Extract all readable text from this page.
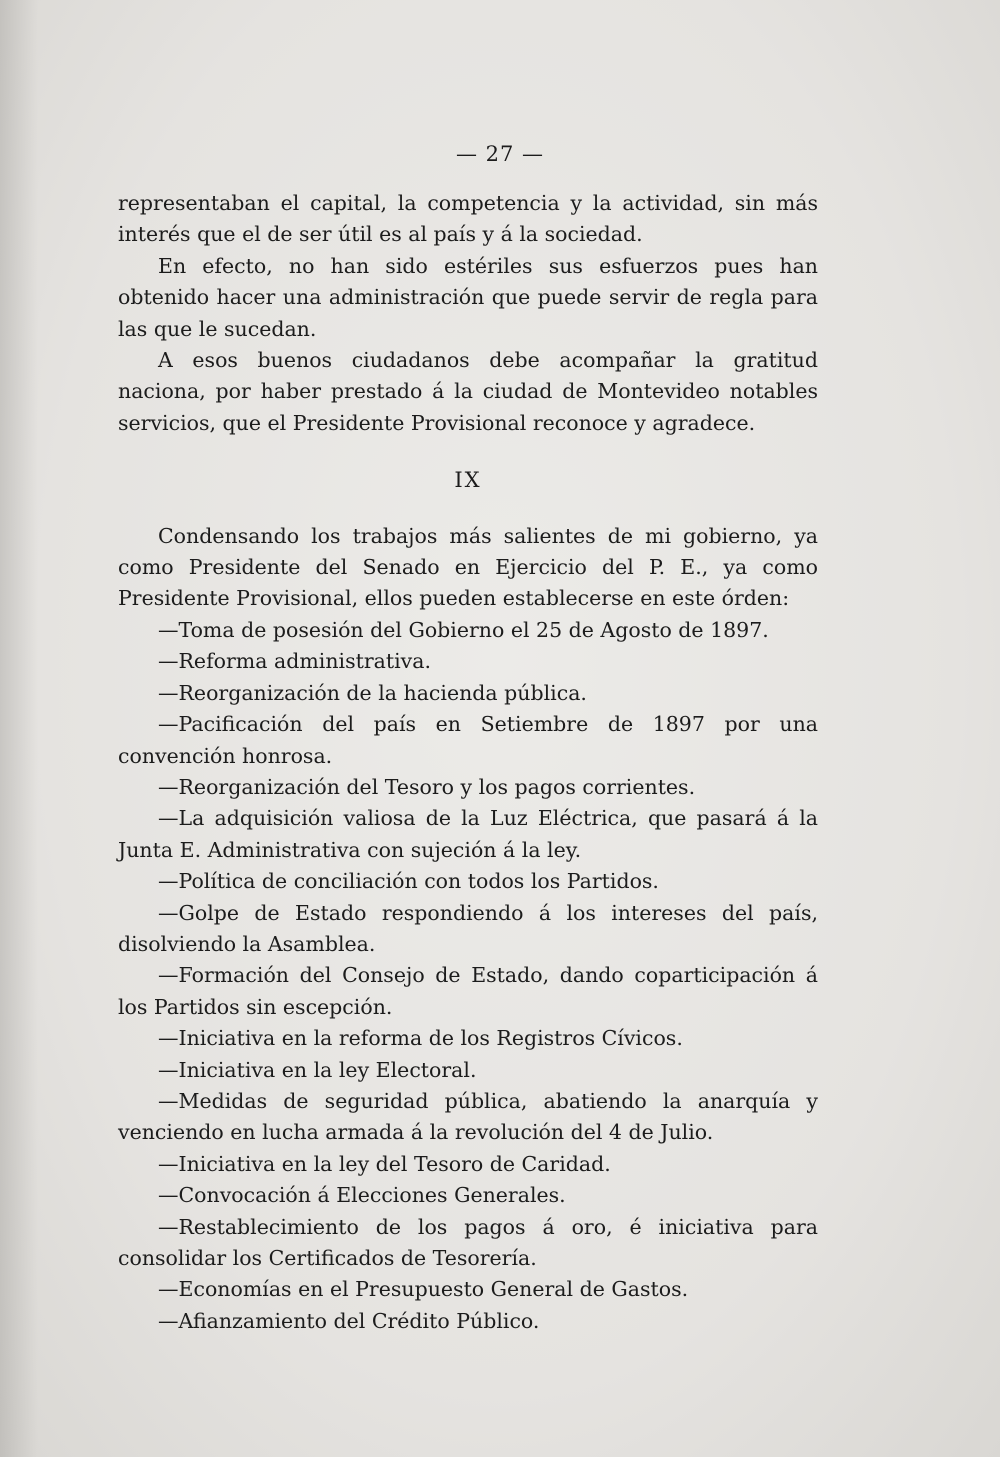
— 27 —

representaban el capital, la competencia y la actividad, sin más interés que el de ser útil es al país y á la sociedad.

En efecto, no han sido estériles sus esfuerzos pues han obtenido hacer una administración que puede servir de regla para las que le sucedan.

A esos buenos ciudadanos debe acompañar la gratitud naciona, por haber prestado á la ciudad de Montevideo notables servicios, que el Presidente Provisional reconoce y agradece.

IX

Condensando los trabajos más salientes de mi gobierno, ya como Presidente del Senado en Ejercicio del P. E., ya como Presidente Provisional, ellos pueden establecerse en este órden:

—Toma de posesión del Gobierno el 25 de Agosto de 1897.

—Reforma administrativa.

—Reorganización de la hacienda pública.

—Pacificación del país en Setiembre de 1897 por una convención honrosa.

—Reorganización del Tesoro y los pagos corrientes.

—La adquisición valiosa de la Luz Eléctrica, que pasará á la Junta E. Administrativa con sujeción á la ley.

—Política de conciliación con todos los Partidos.

—Golpe de Estado respondiendo á los intereses del país, disolviendo la Asamblea.

—Formación del Consejo de Estado, dando coparticipación á los Partidos sin escepción.

—Iniciativa en la reforma de los Registros Cívicos.

—Iniciativa en la ley Electoral.

—Medidas de seguridad pública, abatiendo la anarquía y venciendo en lucha armada á la revolución del 4 de Julio.

—Iniciativa en la ley del Tesoro de Caridad.

—Convocación á Elecciones Generales.

—Restablecimiento de los pagos á oro, é iniciativa para consolidar los Certificados de Tesorería.

—Economías en el Presupuesto General de Gastos.

—Afianzamiento del Crédito Público.
